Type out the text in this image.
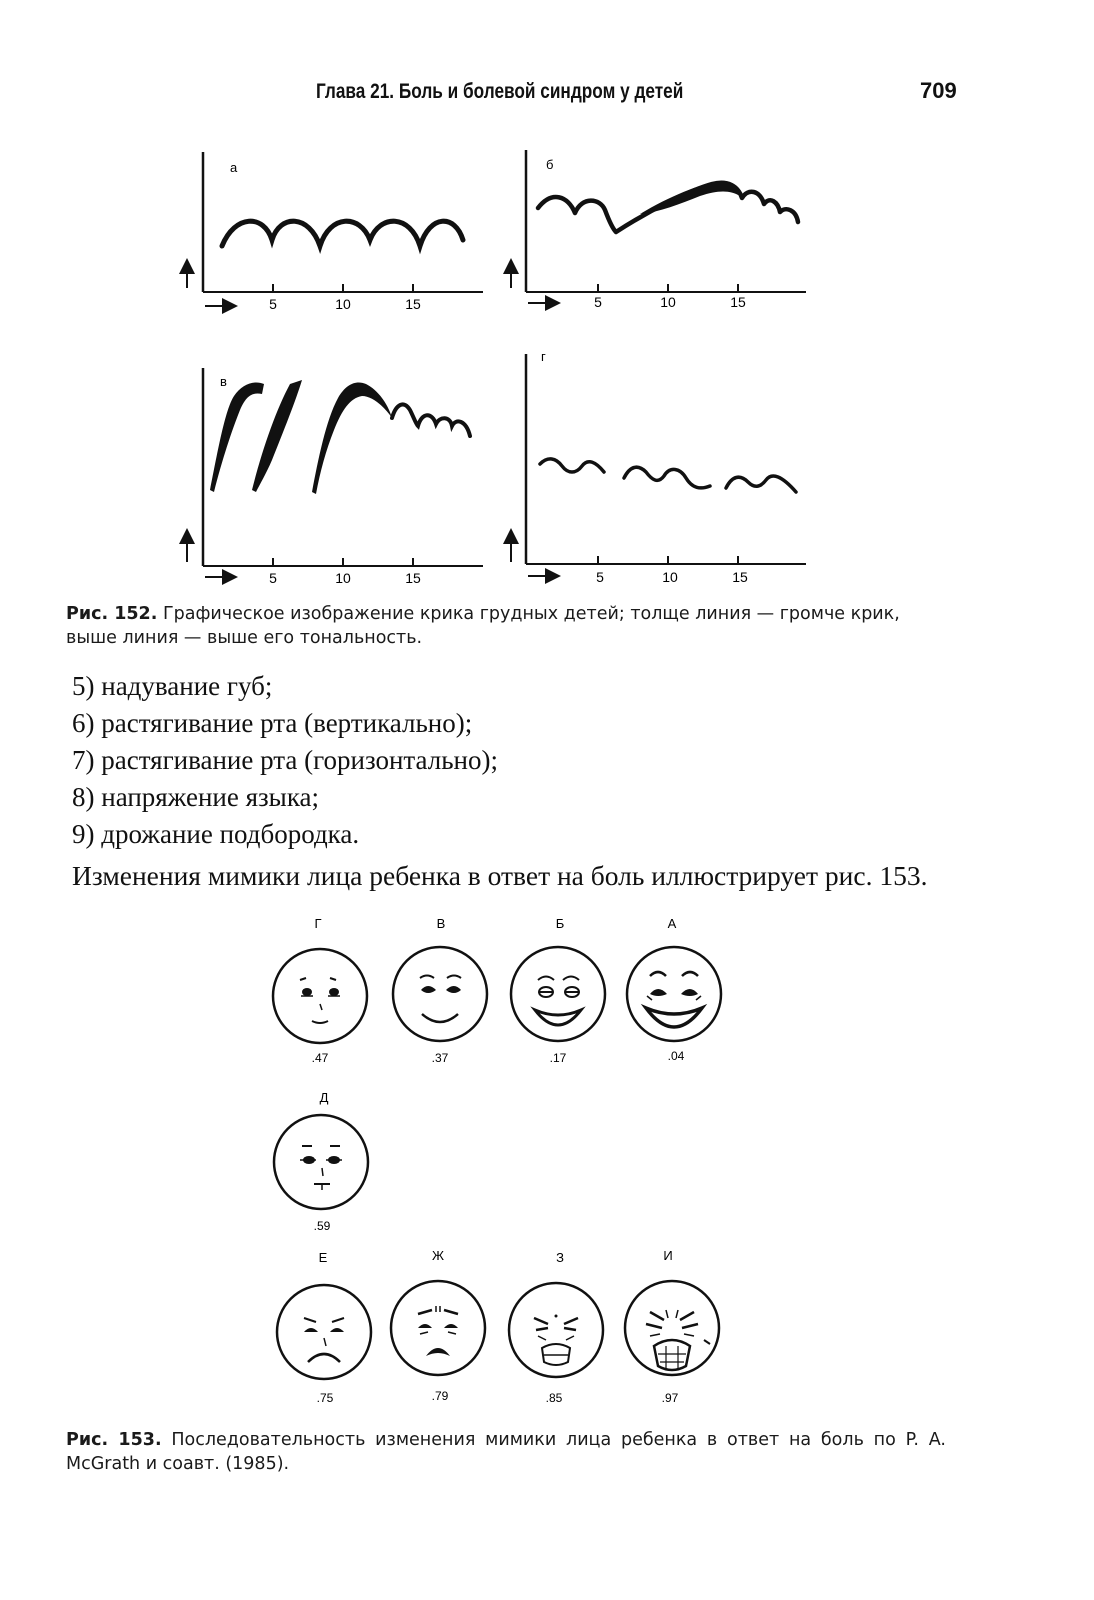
Глава 21. Боль и болевой синдром у детей	709
а
5	10	15
б
5	10	15
в
5	10	15
г
5	10	15
Рис. 152. Графическое изображение крика грудных детей; толще линия — громче крик, выше линия — выше его тональность.
5) надувание губ;
6) растягивание рта (вертикально);
7) растягивание рта (горизонтально);
8) напряжение языка;
9) дрожание подбородка.
Изменения мимики лица ребенка в ответ на боль иллюстрирует рис. 153.
Г
.47
В
.37
Б
.17
А
.04
Д
.59
Е
.75
Ж
.79
З
.85
И
.97
Рис. 153. Последовательность изменения мимики лица ребенка в ответ на боль по P. A. McGrath и соавт. (1985).
